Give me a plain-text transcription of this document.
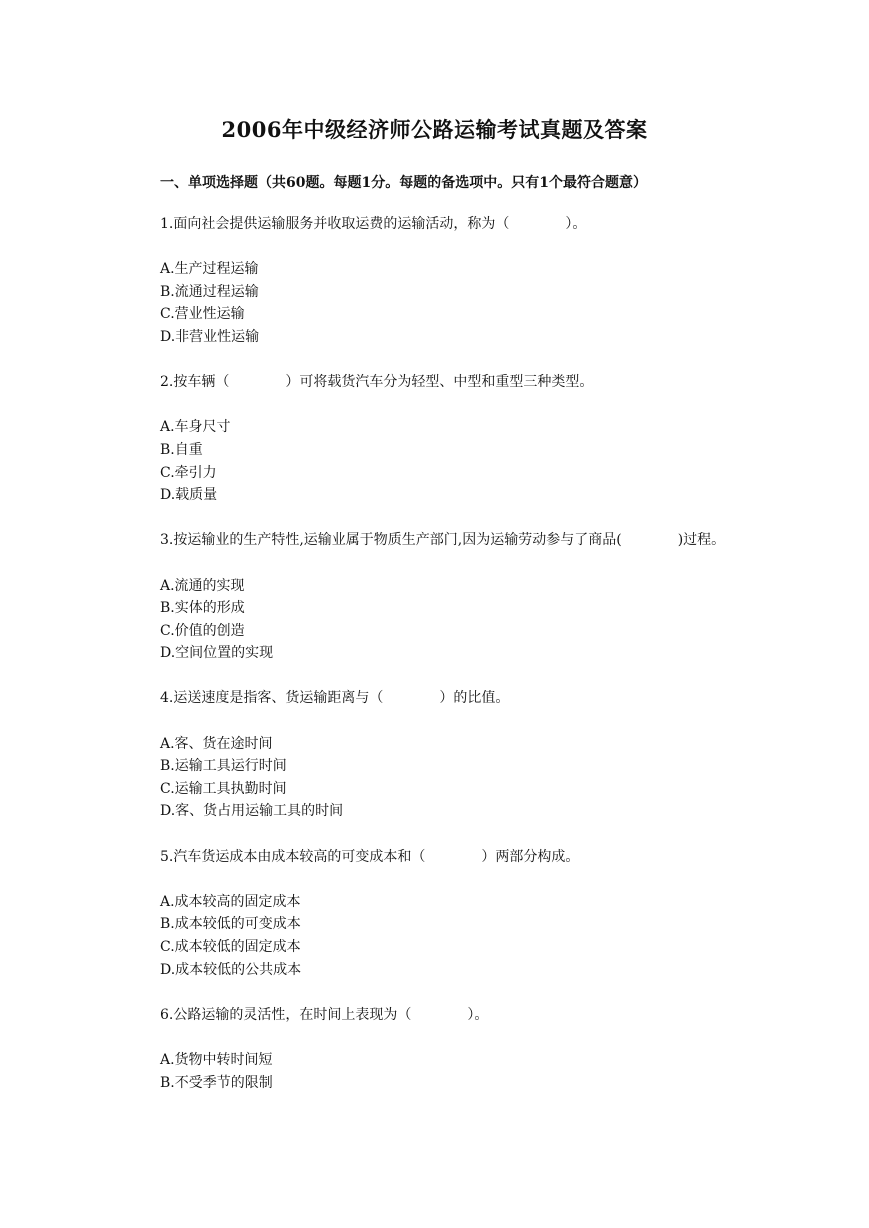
2006年中级经济师公路运输考试真题及答案
一、单项选择题（共60题。每题1分。每题的备选项中。只有1个最符合题意）
1.面向社会提供运输服务并收取运费的运输活动，称为（　　　　）。
A.生产过程运输
B.流通过程运输
C.营业性运输
D.非营业性运输
2.按车辆（　　　　）可将载货汽车分为轻型、中型和重型三种类型。
A.车身尺寸
B.自重
C.牵引力
D.载质量
3.按运输业的生产特性,运输业属于物质生产部门,因为运输劳动参与了商品(　　　　)过程。
A.流通的实现
B.实体的形成
C.价值的创造
D.空间位置的实现
4.运送速度是指客、货运输距离与（　　　　）的比值。
A.客、货在途时间
B.运输工具运行时间
C.运输工具执勤时间
D.客、货占用运输工具的时间
5.汽车货运成本由成本较高的可变成本和（　　　　）两部分构成。
A.成本较高的固定成本
B.成本较低的可变成本
C.成本较低的固定成本
D.成本较低的公共成本
6.公路运输的灵活性，在时间上表现为（　　　　）。
A.货物中转时间短
B.不受季节的限制
